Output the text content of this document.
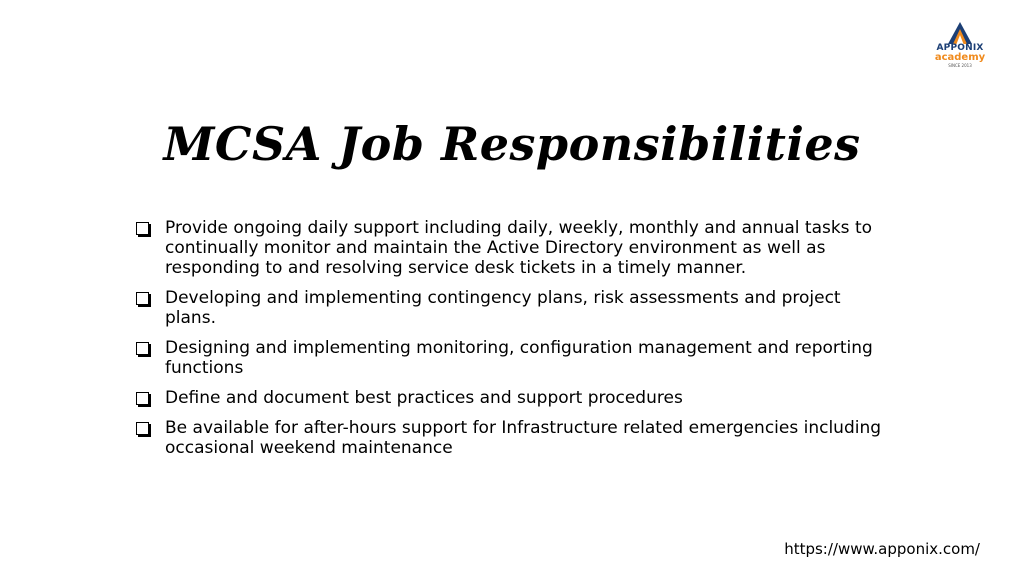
APPONIX
academy
SINCE 2013
MCSA Job Responsibilities
Provide ongoing daily support including daily, weekly, monthly and annual tasks to continually monitor and maintain the Active Directory environment as well as responding to and resolving service desk tickets in a timely manner.
Developing and implementing contingency plans, risk assessments and project plans.
Designing and implementing monitoring, configuration management and reporting functions
Define and document best practices and support procedures
Be available for after-hours support for Infrastructure related emergencies including occasional weekend maintenance
https://www.apponix.com/
